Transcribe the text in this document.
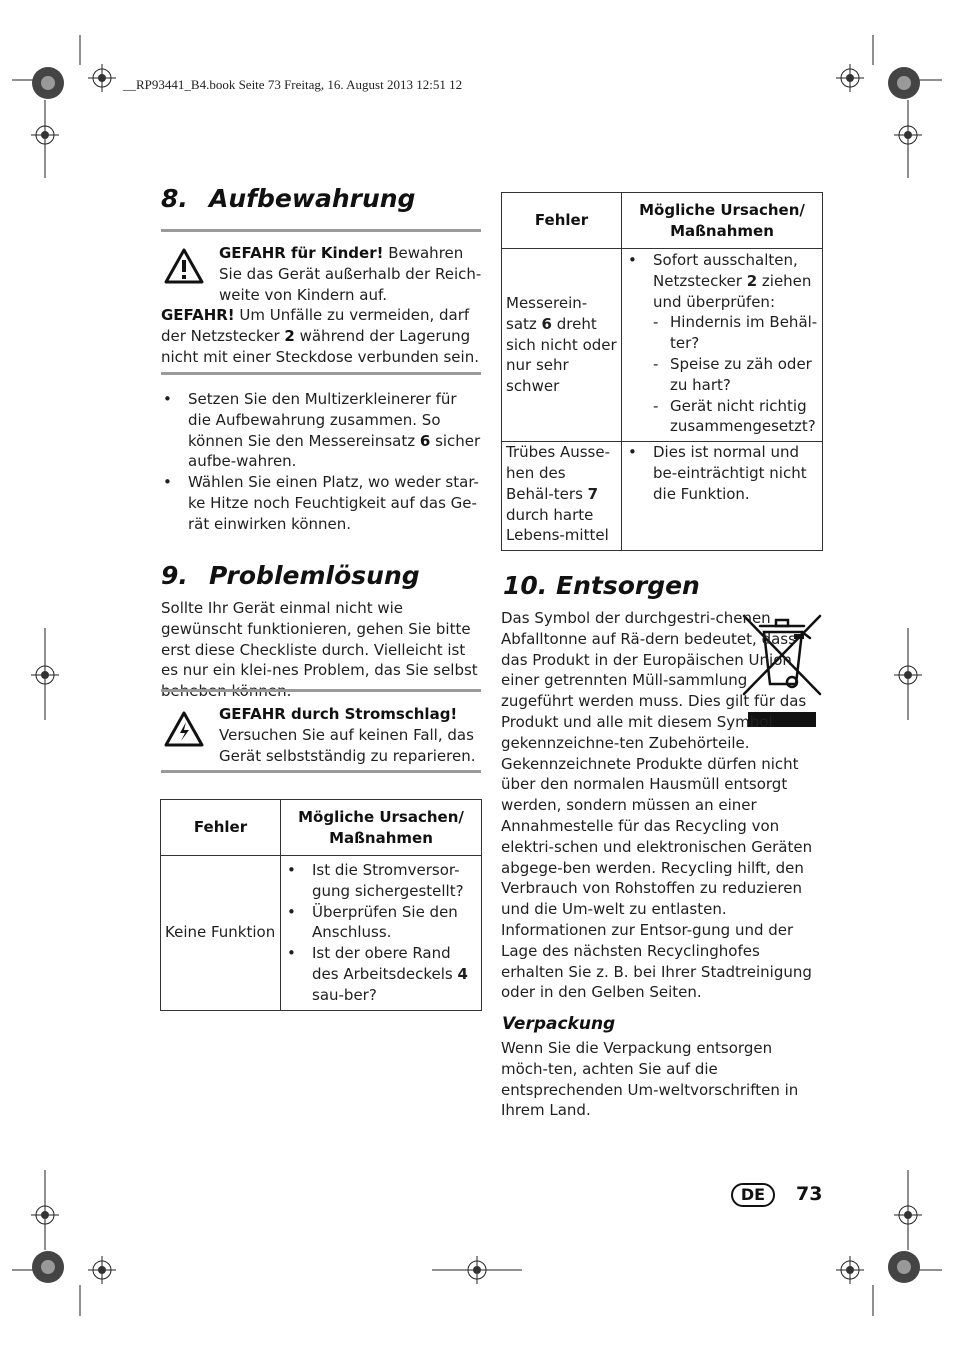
__RP93441_B4.book Seite 73 Freitag, 16. August 2013 12:51 12
8. Aufbewahrung
GEFAHR für Kinder! Bewahren Sie das Gerät außerhalb der Reich-weite von Kindern auf.
GEFAHR! Um Unfälle zu vermeiden, darf der Netzstecker 2 während der Lagerung nicht mit einer Steckdose verbunden sein.
• Setzen Sie den Multizerkleinerer für die Aufbewahrung zusammen. So können Sie den Messereinsatz 6 sicher aufbe-wahren.
• Wählen Sie einen Platz, wo weder star-ke Hitze noch Feuchtigkeit auf das Ge-rät einwirken können.
9. Problemlösung
Sollte Ihr Gerät einmal nicht wie gewünscht funktionieren, gehen Sie bitte erst diese Checkliste durch. Vielleicht ist es nur ein klei-nes Problem, das Sie selbst
GEFAHR durch Stromschlag!
Versuchen Sie auf keinen Fall, das Gerät selbstständig zu reparieren.
Fehler	Mögliche Ursachen/ Maßnahmen

Keine Funktion	• Ist die Stromversor-gung sichergestellt?
• Überprüfen Sie den Anschluss.
• Ist der obere Rand des Arbeitsdeckels 4 sau-ber?
Fehler	Mögliche Ursachen/ Maßnahmen

Messerein-satz 6 dreht sich nicht oder nur sehr schwer	• Sofort ausschalten, Netzstecker 2 ziehen und überprüfen:
- Hindernis im Behäl-ter?
- Speise zu zäh oder zu hart?
- Gerät nicht richtig zusammengesetzt?

Trübes Ausse-hen des Behäl-ters 7 durch harte Lebens-mittel	• Dies ist normal und be-einträchtigt nicht die Funktion.
10. Entsorgen
Das Symbol der durchgestri-chenen Abfalltonne auf Rä-dern bedeutet, dass das Produkt in der Europäischen Union einer getrennten Müll-sammlung zugeführt werden muss. Dies gilt für das Produkt und alle mit diesem Symbol gekennzeichne-ten Zubehörteile. Gekennzeichnete Produkte dürfen nicht über den normalen Hausmüll entsorgt werden, sondern müssen an einer Annahmestelle für das Recycling von elektri-schen und elektronischen Geräten abgege-ben werden. Recycling hilft, den Verbrauch von Rohstoffen zu reduzieren und die Um-welt zu entlasten. Informationen zur Entsor-gung und der Lage des nächsten Recyclinghofes erhalten Sie z. B. bei Ihrer Stadtreinigung oder in den Gelben Seiten.
Verpackung
Wenn Sie die Verpackung entsorgen möch-ten, achten Sie auf die entsprechenden Um-weltvorschriften in Ihrem Land.
DE	73
